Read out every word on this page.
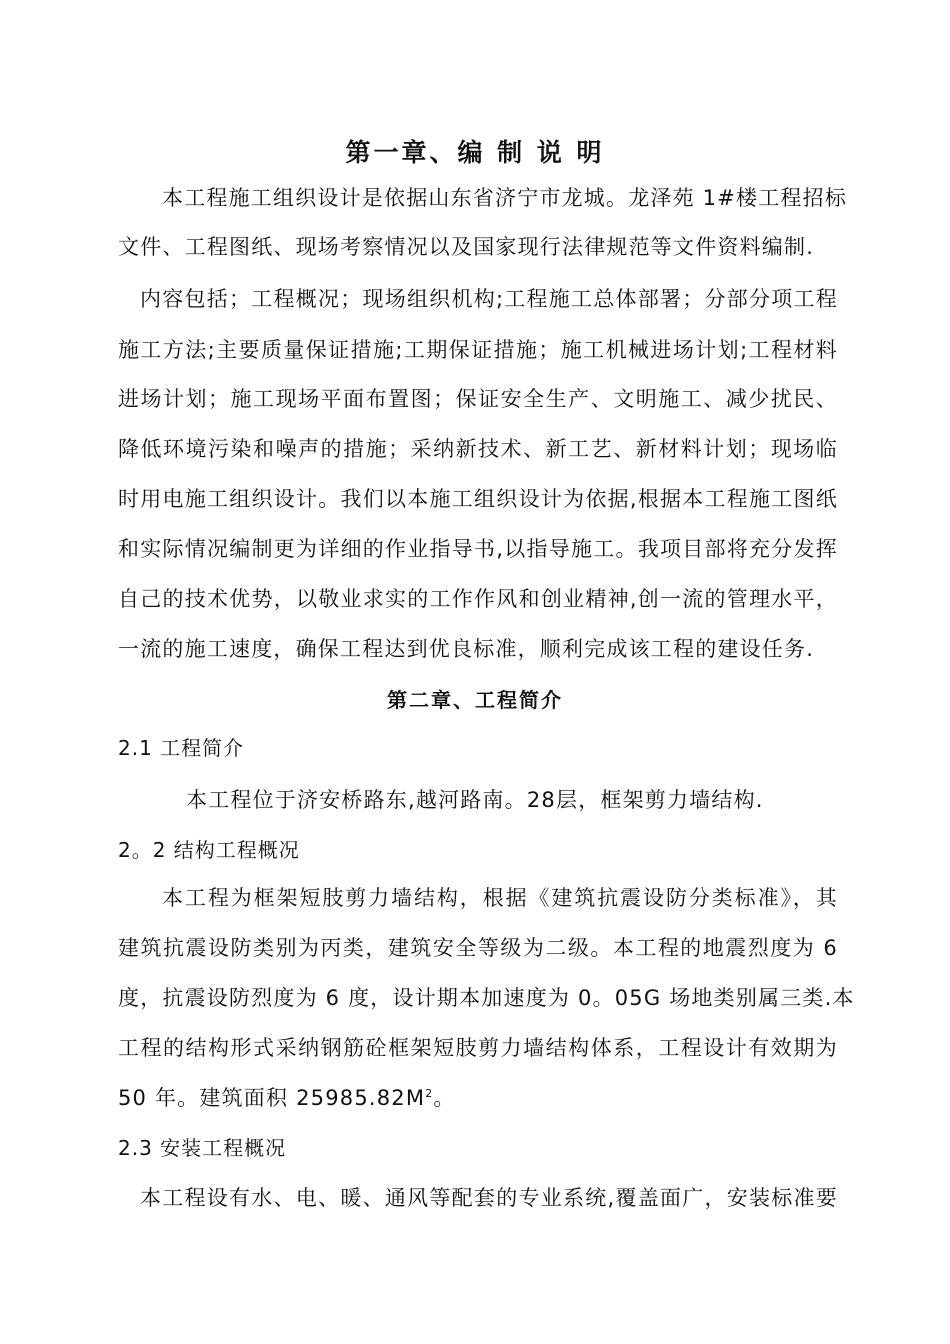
第一章、编 制 说 明
本工程施工组织设计是依据山东省济宁市龙城。龙泽苑 1#楼工程招标
文件、工程图纸、现场考察情况以及国家现行法律规范等文件资料编制.
内容包括；工程概况；现场组织机构;工程施工总体部署；分部分项工程
施工方法;主要质量保证措施;工期保证措施；施工机械进场计划;工程材料
进场计划；施工现场平面布置图；保证安全生产、文明施工、减少扰民、
降低环境污染和噪声的措施；采纳新技术、新工艺、新材料计划；现场临
时用电施工组织设计。我们以本施工组织设计为依据,根据本工程施工图纸
和实际情况编制更为详细的作业指导书,以指导施工。我项目部将充分发挥
自己的技术优势，以敬业求实的工作作风和创业精神,创一流的管理水平，
一流的施工速度，确保工程达到优良标准，顺利完成该工程的建设任务.
第二章、工程简介
2.1 工程简介
本工程位于济安桥路东,越河路南。28层，框架剪力墙结构.
2。2 结构工程概况
本工程为框架短肢剪力墙结构，根据《建筑抗震设防分类标准》，其
建筑抗震设防类别为丙类，建筑安全等级为二级。本工程的地震烈度为 6
度，抗震设防烈度为 6 度，设计期本加速度为 0。05G 场地类别属三类.本
工程的结构形式采纳钢筋砼框架短肢剪力墙结构体系，工程设计有效期为
50 年。建筑面积 $25985.82M^2$。
2.3 安装工程概况
本工程设有水、电、暖、通风等配套的专业系统,覆盖面广，安装标准要
